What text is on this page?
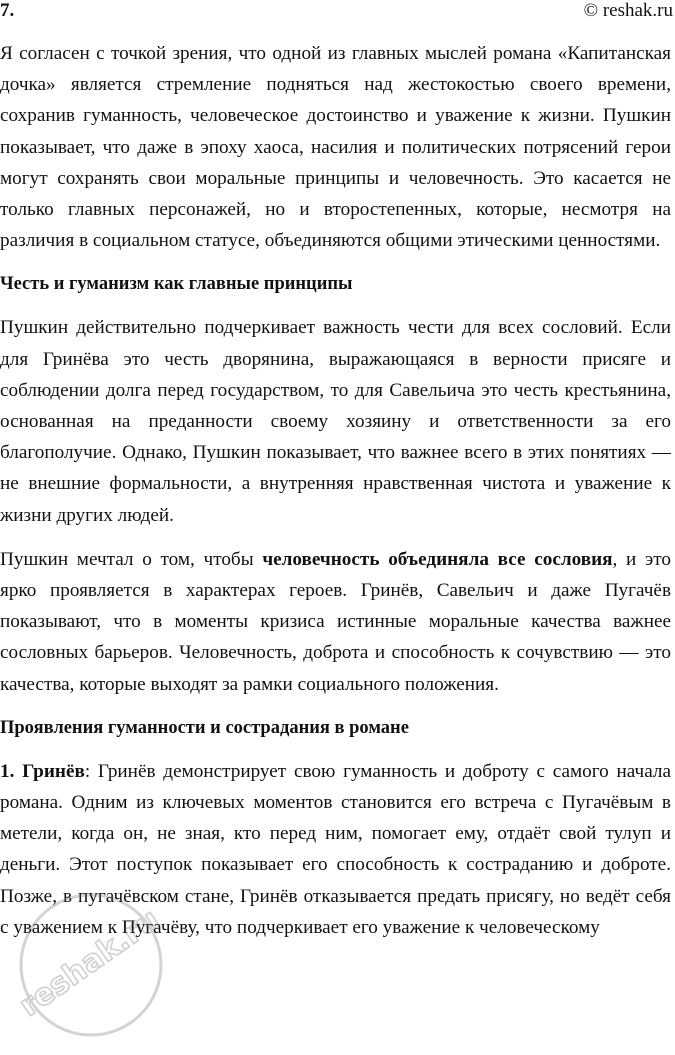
7.	© reshak.ru

Я согласен с точкой зрения, что одной из главных мыслей романа «Капитанская дочка» является стремление подняться над жестокостью своего времени, сохранив гуманность, человеческое достоинство и уважение к жизни. Пушкин показывает, что даже в эпоху хаоса, насилия и политических потрясений герои могут сохранять свои моральные принципы и человечность. Это касается не только главных персонажей, но и второстепенных, которые, несмотря на различия в социальном статусе, объединяются общими этическими ценностями.

Честь и гуманизм как главные принципы

Пушкин действительно подчеркивает важность чести для всех сословий. Если для Гринёва это честь дворянина, выражающаяся в верности присяге и соблюдении долга перед государством, то для Савельича это честь крестьянина, основанная на преданности своему хозяину и ответственности за его благополучие. Однако, Пушкин показывает, что важнее всего в этих понятиях — не внешние формальности, а внутренняя нравственная чистота и уважение к жизни других людей.

Пушкин мечтал о том, чтобы человечность объединяла все сословия, и это ярко проявляется в характерах героев. Гринёв, Савельич и даже Пугачёв показывают, что в моменты кризиса истинные моральные качества важнее сословных барьеров. Человечность, доброта и способность к сочувствию — это качества, которые выходят за рамки социального положения.

Проявления гуманности и сострадания в романе

1. Гринёв: Гринёв демонстрирует свою гуманность и доброту с самого начала романа. Одним из ключевых моментов становится его встреча с Пугачёвым в метели, когда он, не зная, кто перед ним, помогает ему, отдаёт свой тулуп и деньги. Этот поступок показывает его способность к состраданию и доброте. Позже, в пугачёвском стане, Гринёв отказывается предать присягу, но ведёт себя с уважением к Пугачёву, что подчеркивает его уважение к человеческому

reshak.ru
